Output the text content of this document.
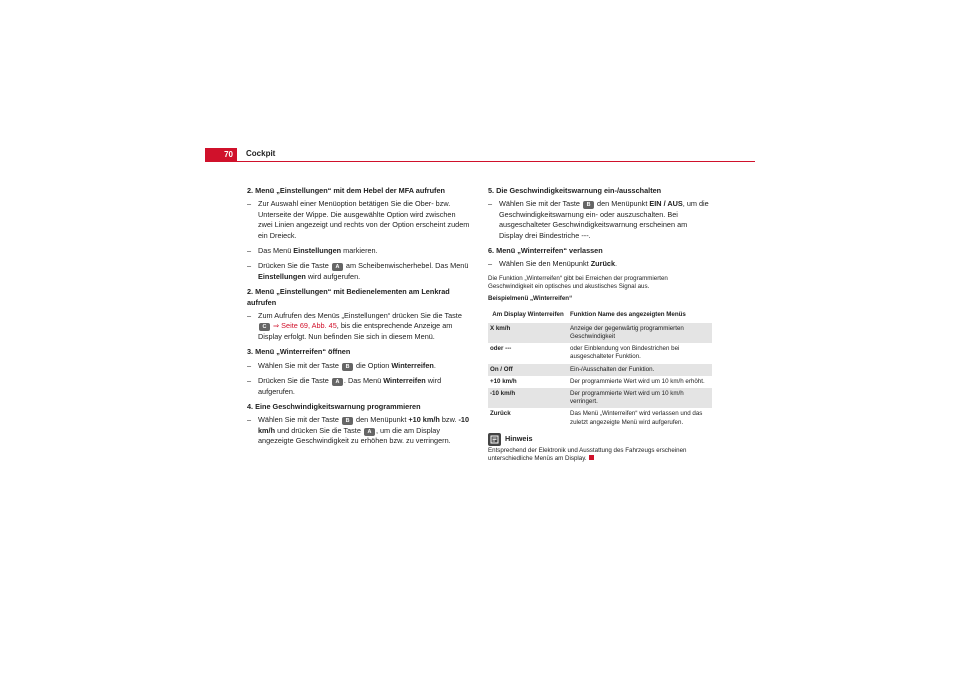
70	Cockpit

2. Menü „Einstellungen“ mit dem Hebel der MFA aufrufen

– Zur Auswahl einer Menüoption betätigen Sie die Ober- bzw. Unterseite der Wippe. Die ausgewählte Option wird zwischen zwei Linien angezeigt und rechts von der Option erscheint zudem ein Dreieck.

– Das Menü Einstellungen markieren.

– Drücken Sie die Taste A am Scheibenwischerhebel. Das Menü Einstellungen wird aufgerufen.

2. Menü „Einstellungen“ mit Bedienelementen am Lenkrad aufrufen

– Zum Aufrufen des Menüs „Einstellungen“ drücken Sie die Taste C ⇒ Seite 69, Abb. 45, bis die entsprechende Anzeige am Display erfolgt. Nun befinden Sie sich in diesem Menü.

3. Menü „Winterreifen“ öffnen

– Wählen Sie mit der Taste B die Option Winterreifen.

– Drücken Sie die Taste A . Das Menü Winterreifen wird aufgerufen.

4. Eine Geschwindigkeitswarnung programmieren

– Wählen Sie mit der Taste B den Menüpunkt +10 km/h bzw. -10 km/h und drücken Sie die Taste A , um die am Display angezeigte Geschwindigkeit zu erhöhen bzw. zu verringern.

5. Die Geschwindigkeitswarnung ein-/ausschalten

– Wählen Sie mit der Taste B den Menüpunkt EIN / AUS, um die Geschwindigkeitswarnung ein- oder auszuschalten. Bei ausgeschalteter Geschwindigkeitswarnung erscheinen am Display drei Bindestriche ---.

6. Menü „Winterreifen“ verlassen

– Wählen Sie den Menüpunkt Zurück.

Die Funktion „Winterreifen“ gibt bei Erreichen der programmierten Geschwindigkeit ein optisches und akustisches Signal aus.

Beispielmenü „Winterreifen“

Am Display Winterreifen	Funktion Name des angezeigten Menüs
X km/h	Anzeige der gegenwärtig programmierten Geschwindigkeit
oder ---	oder Einblendung von Bindestrichen bei ausgeschalteter Funktion.
On / Off	Ein-/Ausschalten der Funktion.
+10 km/h	Der programmierte Wert wird um 10 km/h erhöht.
-10 km/h	Der programmierte Wert wird um 10 km/h verringert.
Zurück	Das Menü „Winterreifen“ wird verlassen und das zuletzt angezeigte Menü wird aufgerufen.
Hinweis

Entsprechend der Elektronik und Ausstattung des Fahrzeugs erscheinen unterschiedliche Menüs am Display.
